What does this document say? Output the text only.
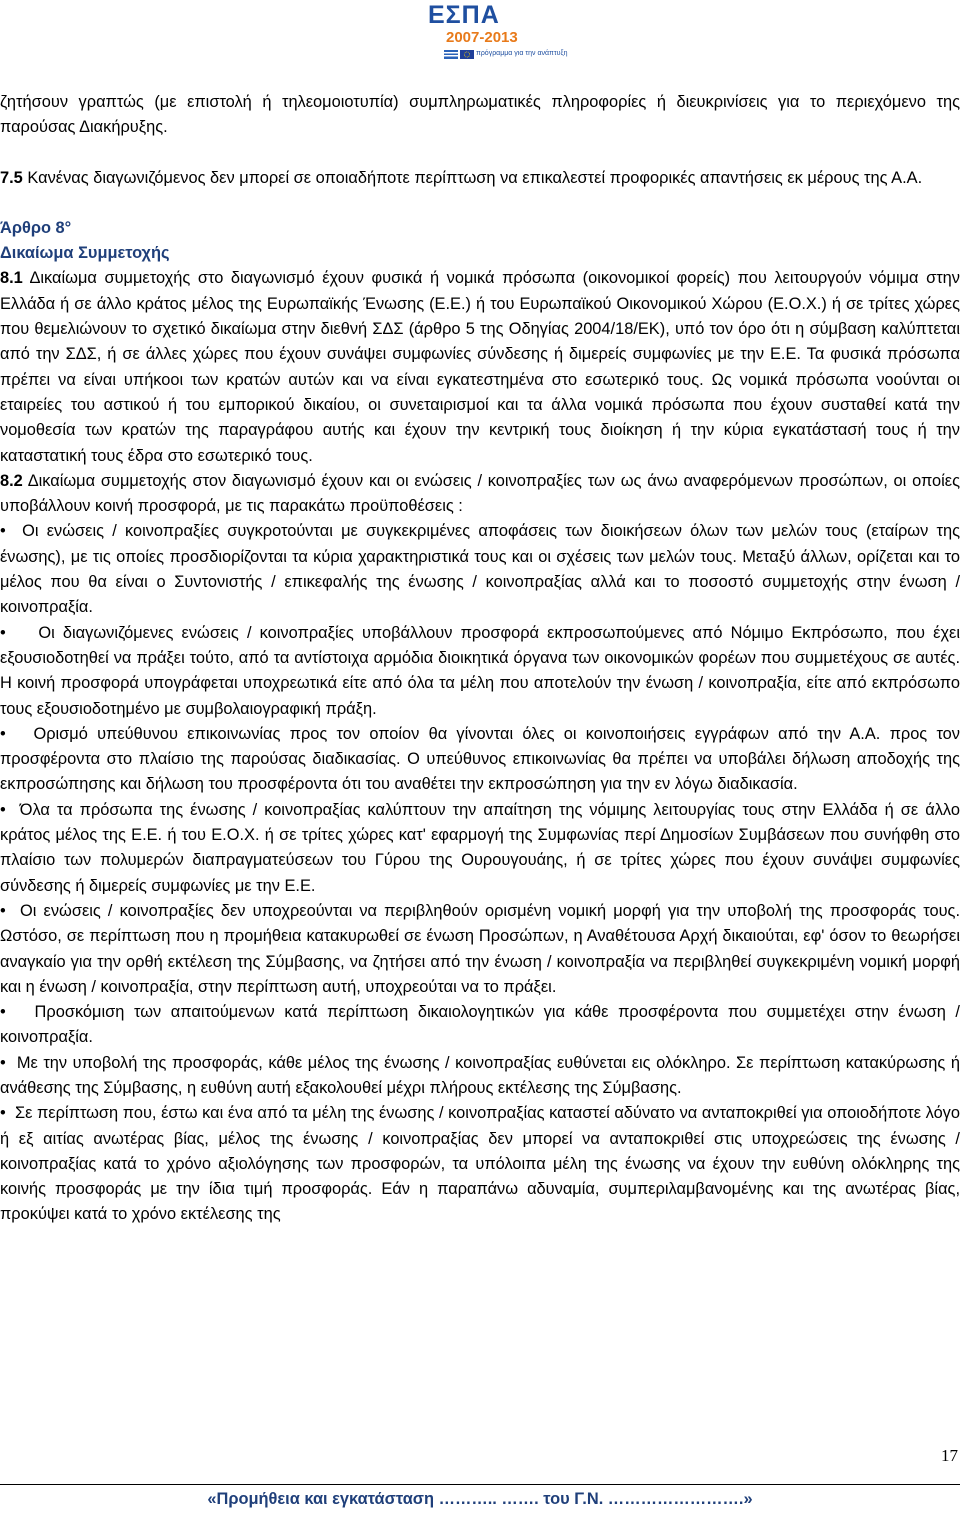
ΕΣΠΑ
2007-2013
πρόγραμμα για την ανάπτυξη

ζητήσουν γραπτώς (με επιστολή ή τηλεομοιοτυπία) συμπληρωματικές πληροφορίες ή διευκρινίσεις για το περιεχόμενο της παρούσας Διακήρυξης.

7.5 Κανένας διαγωνιζόμενος δεν μπορεί σε οποιαδήποτε περίπτωση να επικαλεστεί προφορικές απαντήσεις εκ μέρους της Α.Α.

Άρθρο 8°

Δικαίωμα Συμμετοχής

8.1 Δικαίωμα συμμετοχής στο διαγωνισμό έχουν φυσικά ή νομικά πρόσωπα (οικονομικοί φορείς) που λειτουργούν νόμιμα στην Ελλάδα ή σε άλλο κράτος μέλος της Ευρωπαϊκής Ένωσης (Ε.Ε.) ή του Ευρωπαϊκού Οικονομικού Χώρου (Ε.Ο.Χ.) ή σε τρίτες χώρες που θεμελιώνουν το σχετικό δικαίωμα στην διεθνή ΣΔΣ (άρθρο 5 της Οδηγίας 2004/18/ΕΚ), υπό τον όρο ότι η σύμβαση καλύπτεται από την ΣΔΣ, ή σε άλλες χώρες που έχουν συνάψει συμφωνίες σύνδεσης ή διμερείς συμφωνίες με την Ε.Ε. Τα φυσικά πρόσωπα πρέπει να είναι υπήκοοι των κρατών αυτών και να είναι εγκατεστημένα στο εσωτερικό τους. Ως νομικά πρόσωπα νοούνται οι εταιρείες του αστικού ή του εμπορικού δικαίου, οι συνεταιρισμοί και τα άλλα νομικά πρόσωπα που έχουν συσταθεί κατά την νομοθεσία των κρατών της παραγράφου αυτής και έχουν την κεντρική τους διοίκηση ή την κύρια εγκατάστασή τους ή την καταστατική τους έδρα στο εσωτερικό τους.

8.2 Δικαίωμα συμμετοχής στον διαγωνισμό έχουν και οι ενώσεις / κοινοπραξίες των ως άνω αναφερόμενων προσώπων, οι οποίες υποβάλλουν κοινή προσφορά, με τις παρακάτω προϋποθέσεις :

•  Οι ενώσεις / κοινοπραξίες συγκροτούνται με συγκεκριμένες αποφάσεις των διοικήσεων όλων των μελών τους (εταίρων της ένωσης), με τις οποίες προσδιορίζονται τα κύρια χαρακτηριστικά τους και οι σχέσεις των μελών τους. Μεταξύ άλλων, ορίζεται και το μέλος που θα είναι ο Συντονιστής / επικεφαλής της ένωσης / κοινοπραξίας αλλά και το ποσοστό συμμετοχής στην ένωση /κοινοπραξία.

•    Οι διαγωνιζόμενες ενώσεις / κοινοπραξίες υποβάλλουν προσφορά εκπροσωπούμενες από Νόμιμο Εκπρόσωπο, που έχει εξουσιοδοτηθεί να πράξει τούτο, από τα αντίστοιχα αρμόδια διοικητικά όργανα των οικονομικών φορέων που συμμετέχους σε αυτές. Η κοινή προσφορά υπογράφεται υποχρεωτικά είτε από όλα τα μέλη που αποτελούν την ένωση / κοινοπραξία, είτε από εκπρόσωπο τους εξουσιοδοτημένο με συμβολαιογραφική πράξη.

•   Ορισμό υπεύθυνου επικοινωνίας προς τον οποίον θα γίνονται όλες οι κοινοποιήσεις εγγράφων από την Α.Α. προς τον προσφέροντα στο πλαίσιο της παρούσας διαδικασίας. Ο υπεύθυνος επικοινωνίας θα πρέπει να υποβάλει δήλωση αποδοχής της εκπροσώπησης και δήλωση του προσφέροντα ότι του αναθέτει την εκπροσώπηση για την εν λόγω διαδικασία.

•  Όλα τα πρόσωπα της ένωσης / κοινοπραξίας καλύπτουν την απαίτηση της νόμιμης λειτουργίας τους στην Ελλάδα ή σε άλλο κράτος μέλος της Ε.Ε. ή του Ε.Ο.Χ. ή σε τρίτες χώρες κατ' εφαρμογή της Συμφωνίας περί Δημοσίων Συμβάσεων που συνήφθη στο πλαίσιο των πολυμερών διαπραγματεύσεων του Γύρου της Ουρουγουάης, ή σε τρίτες χώρες που έχουν συνάψει συμφωνίες σύνδεσης ή διμερείς συμφωνίες με την Ε.Ε.

•  Οι ενώσεις / κοινοπραξίες δεν υποχρεούνται να περιβληθούν ορισμένη νομική μορφή για την υποβολή της προσφοράς τους. Ωστόσο, σε περίπτωση που η προμήθεια κατακυρωθεί σε ένωση Προσώπων, η Αναθέτουσα Αρχή δικαιούται, εφ' όσον το θεωρήσει αναγκαίο για την ορθή εκτέλεση της Σύμβασης, να ζητήσει από την ένωση / κοινοπραξία να περιβληθεί συγκεκριμένη νομική μορφή και η ένωση / κοινοπραξία, στην περίπτωση αυτή, υποχρεούται να το πράξει.

•   Προσκόμιση των απαιτούμενων κατά περίπτωση δικαιολογητικών για κάθε προσφέροντα που συμμετέχει στην ένωση / κοινοπραξία.

•  Με την υποβολή της προσφοράς, κάθε μέλος της ένωσης / κοινοπραξίας ευθύνεται εις ολόκληρο. Σε περίπτωση κατακύρωσης ή ανάθεσης της Σύμβασης, η ευθύνη αυτή εξακολουθεί μέχρι πλήρους εκτέλεσης της Σύμβασης.

•  Σε περίπτωση που, έστω και ένα από τα μέλη της ένωσης / κοινοπραξίας καταστεί αδύνατο να ανταποκριθεί για οποιοδήποτε λόγο ή εξ αιτίας ανωτέρας βίας, μέλος της ένωσης / κοινοπραξίας δεν μπορεί να ανταποκριθεί στις υποχρεώσεις της ένωσης / κοινοπραξίας κατά το χρόνο αξιολόγησης των προσφορών, τα υπόλοιπα μέλη της ένωσης να έχουν την ευθύνη ολόκληρης της κοινής προσφοράς με την ίδια τιμή προσφοράς. Εάν η παραπάνω αδυναμία, συμπεριλαμβανομένης και της ανωτέρας βίας, προκύψει κατά το χρόνο εκτέλεσης της

17
«Προμήθεια και εγκατάσταση ……….. ……. του Γ.Ν. …………………….»
